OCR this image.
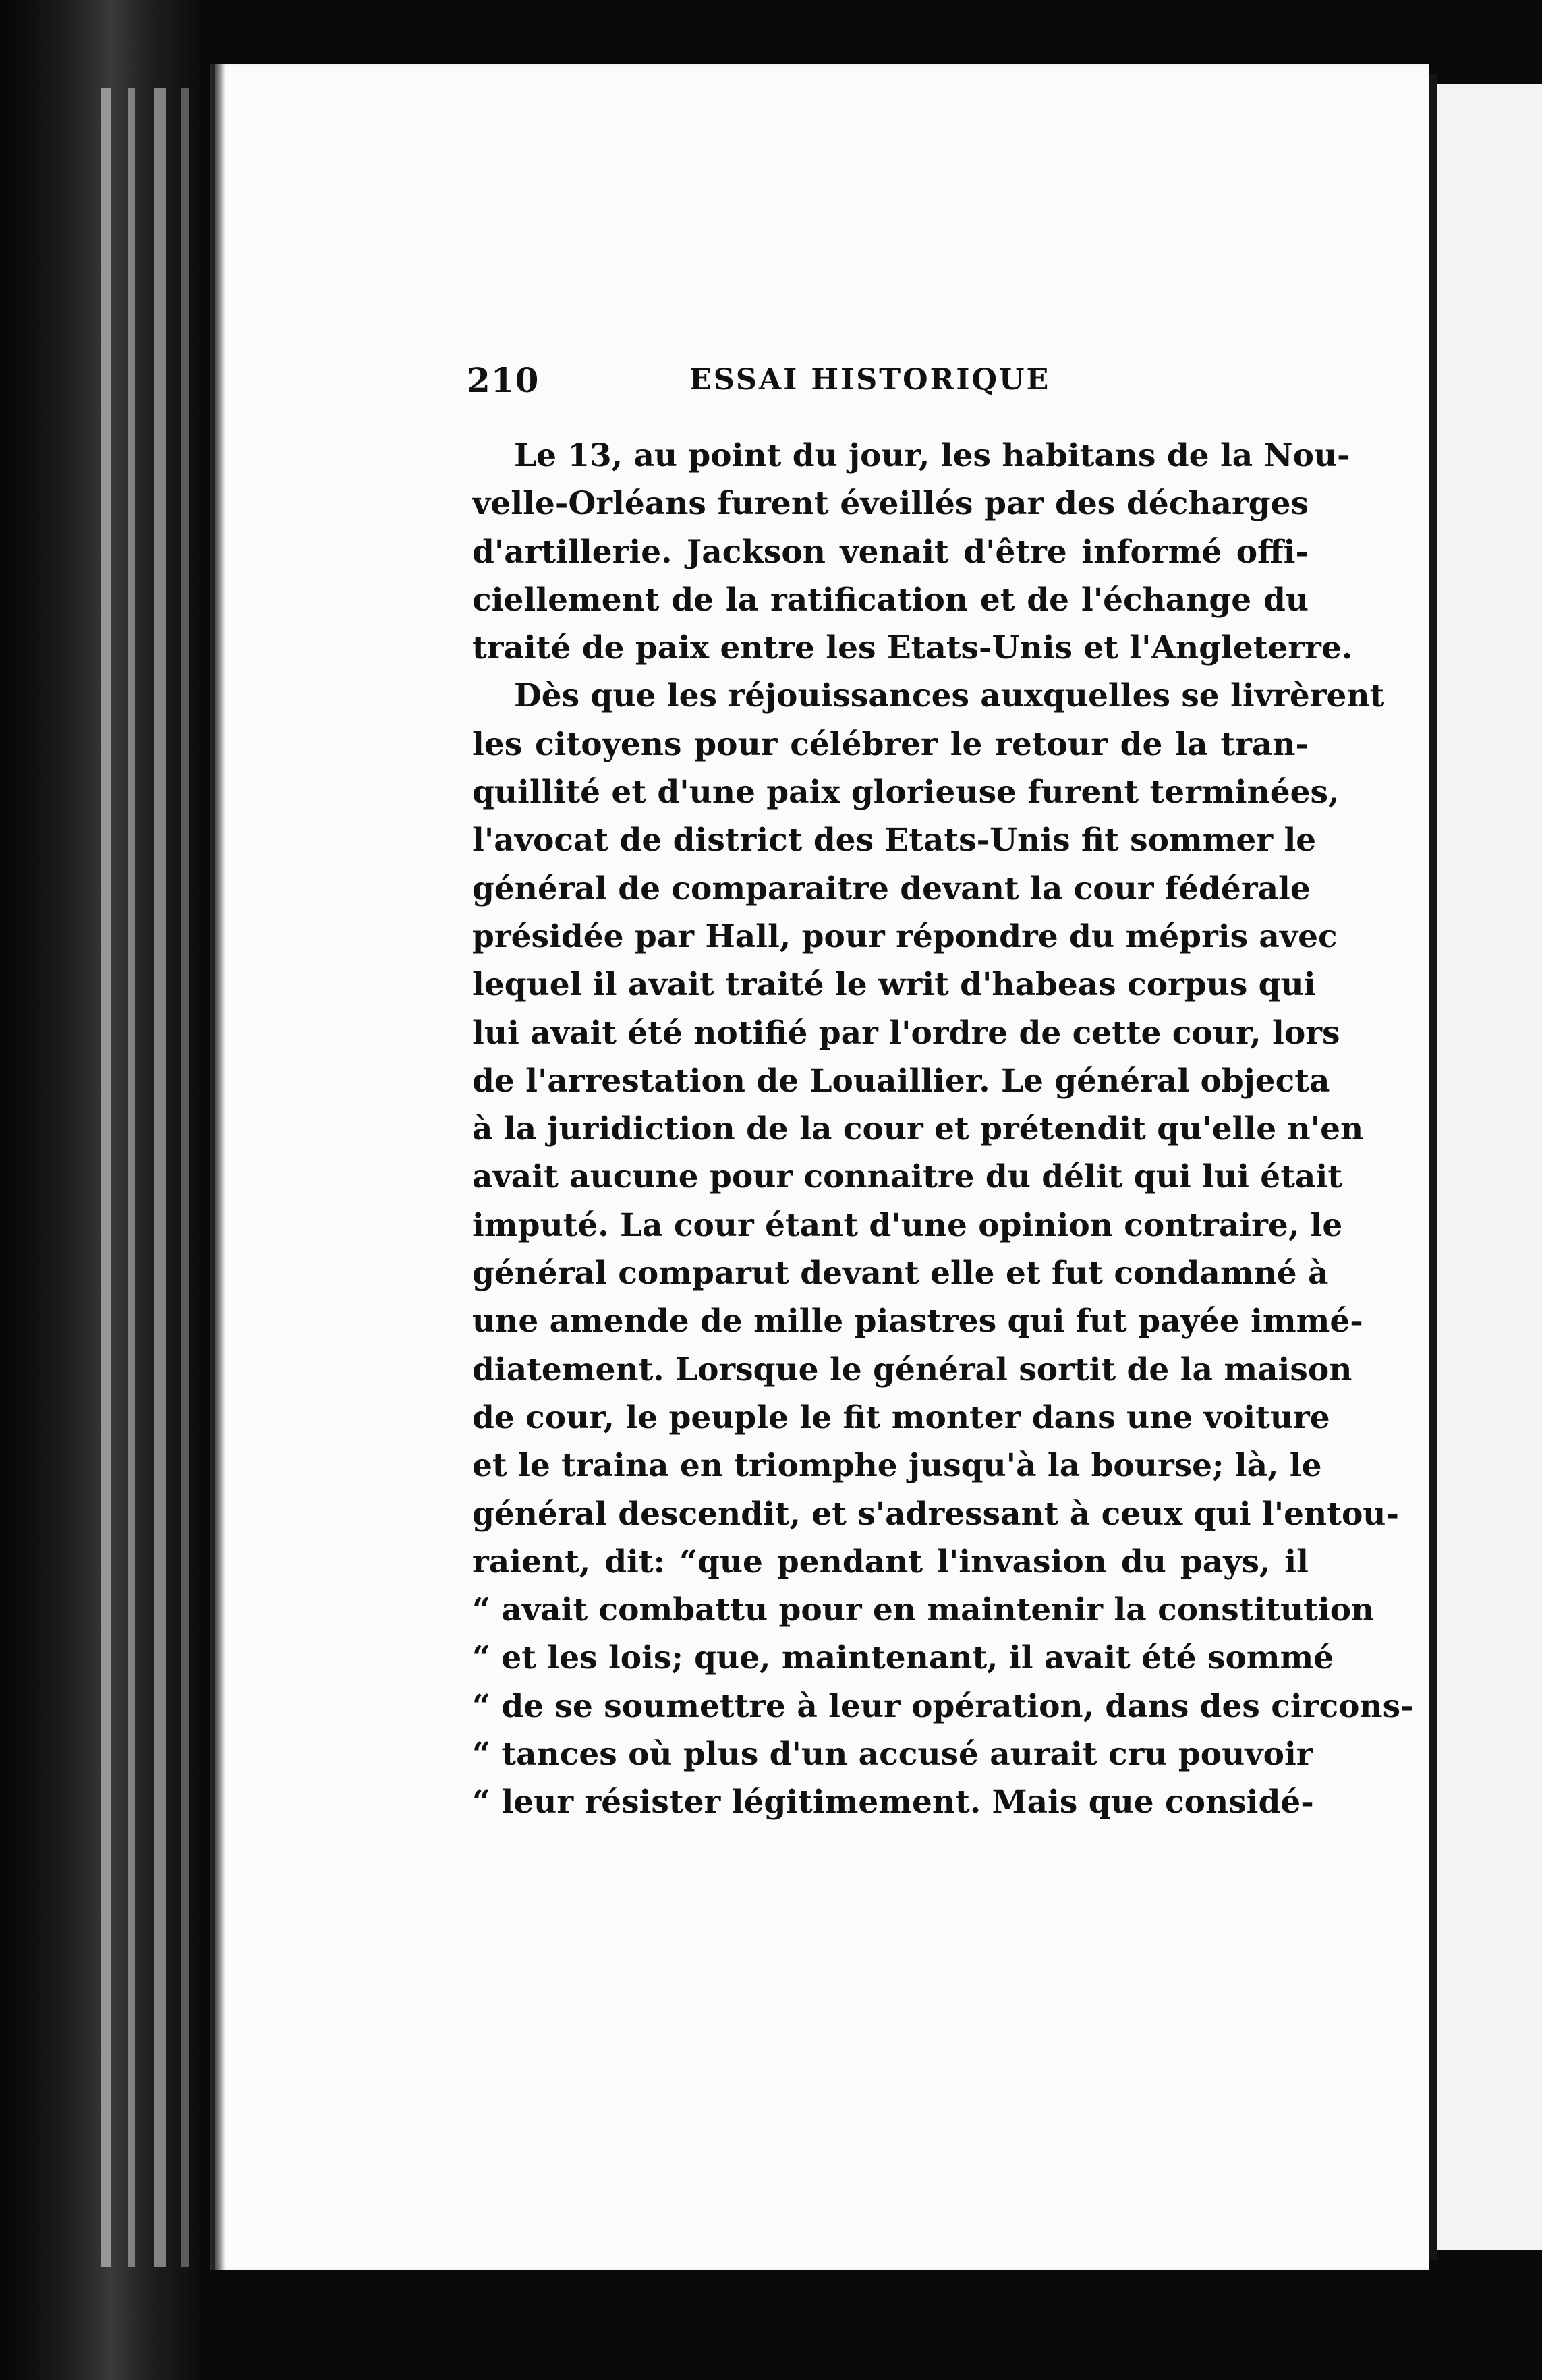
210	ESSAI HISTORIQUE
Le 13, au point du jour, les habitans de la Nou-
velle-Orléans furent éveillés par des décharges
d'artillerie. Jackson venait d'être informé offi-
ciellement de la ratification et de l'échange du
traité de paix entre les Etats-Unis et l'Angleterre.
Dès que les réjouissances auxquelles se livrèrent
les citoyens pour célébrer le retour de la tran-
quillité et d'une paix glorieuse furent terminées,
l'avocat de district des Etats-Unis fit sommer le
général de comparaitre devant la cour fédérale
présidée par Hall, pour répondre du mépris avec
lequel il avait traité le writ d'habeas corpus qui
lui avait été notifié par l'ordre de cette cour, lors
de l'arrestation de Louaillier. Le général objecta
à la juridiction de la cour et prétendit qu'elle n'en
avait aucune pour connaitre du délit qui lui était
imputé. La cour étant d'une opinion contraire, le
général comparut devant elle et fut condamné à
une amende de mille piastres qui fut payée immé-
diatement. Lorsque le général sortit de la maison
de cour, le peuple le fit monter dans une voiture
et le traina en triomphe jusqu'à la bourse; là, le
général descendit, et s'adressant à ceux qui l'entou-
raient, dit: “que pendant l'invasion du pays, il
“ avait combattu pour en maintenir la constitution
“ et les lois; que, maintenant, il avait été sommé
“ de se soumettre à leur opération, dans des circons-
“ tances où plus d'un accusé aurait cru pouvoir
“ leur résister légitimement. Mais que considé-
